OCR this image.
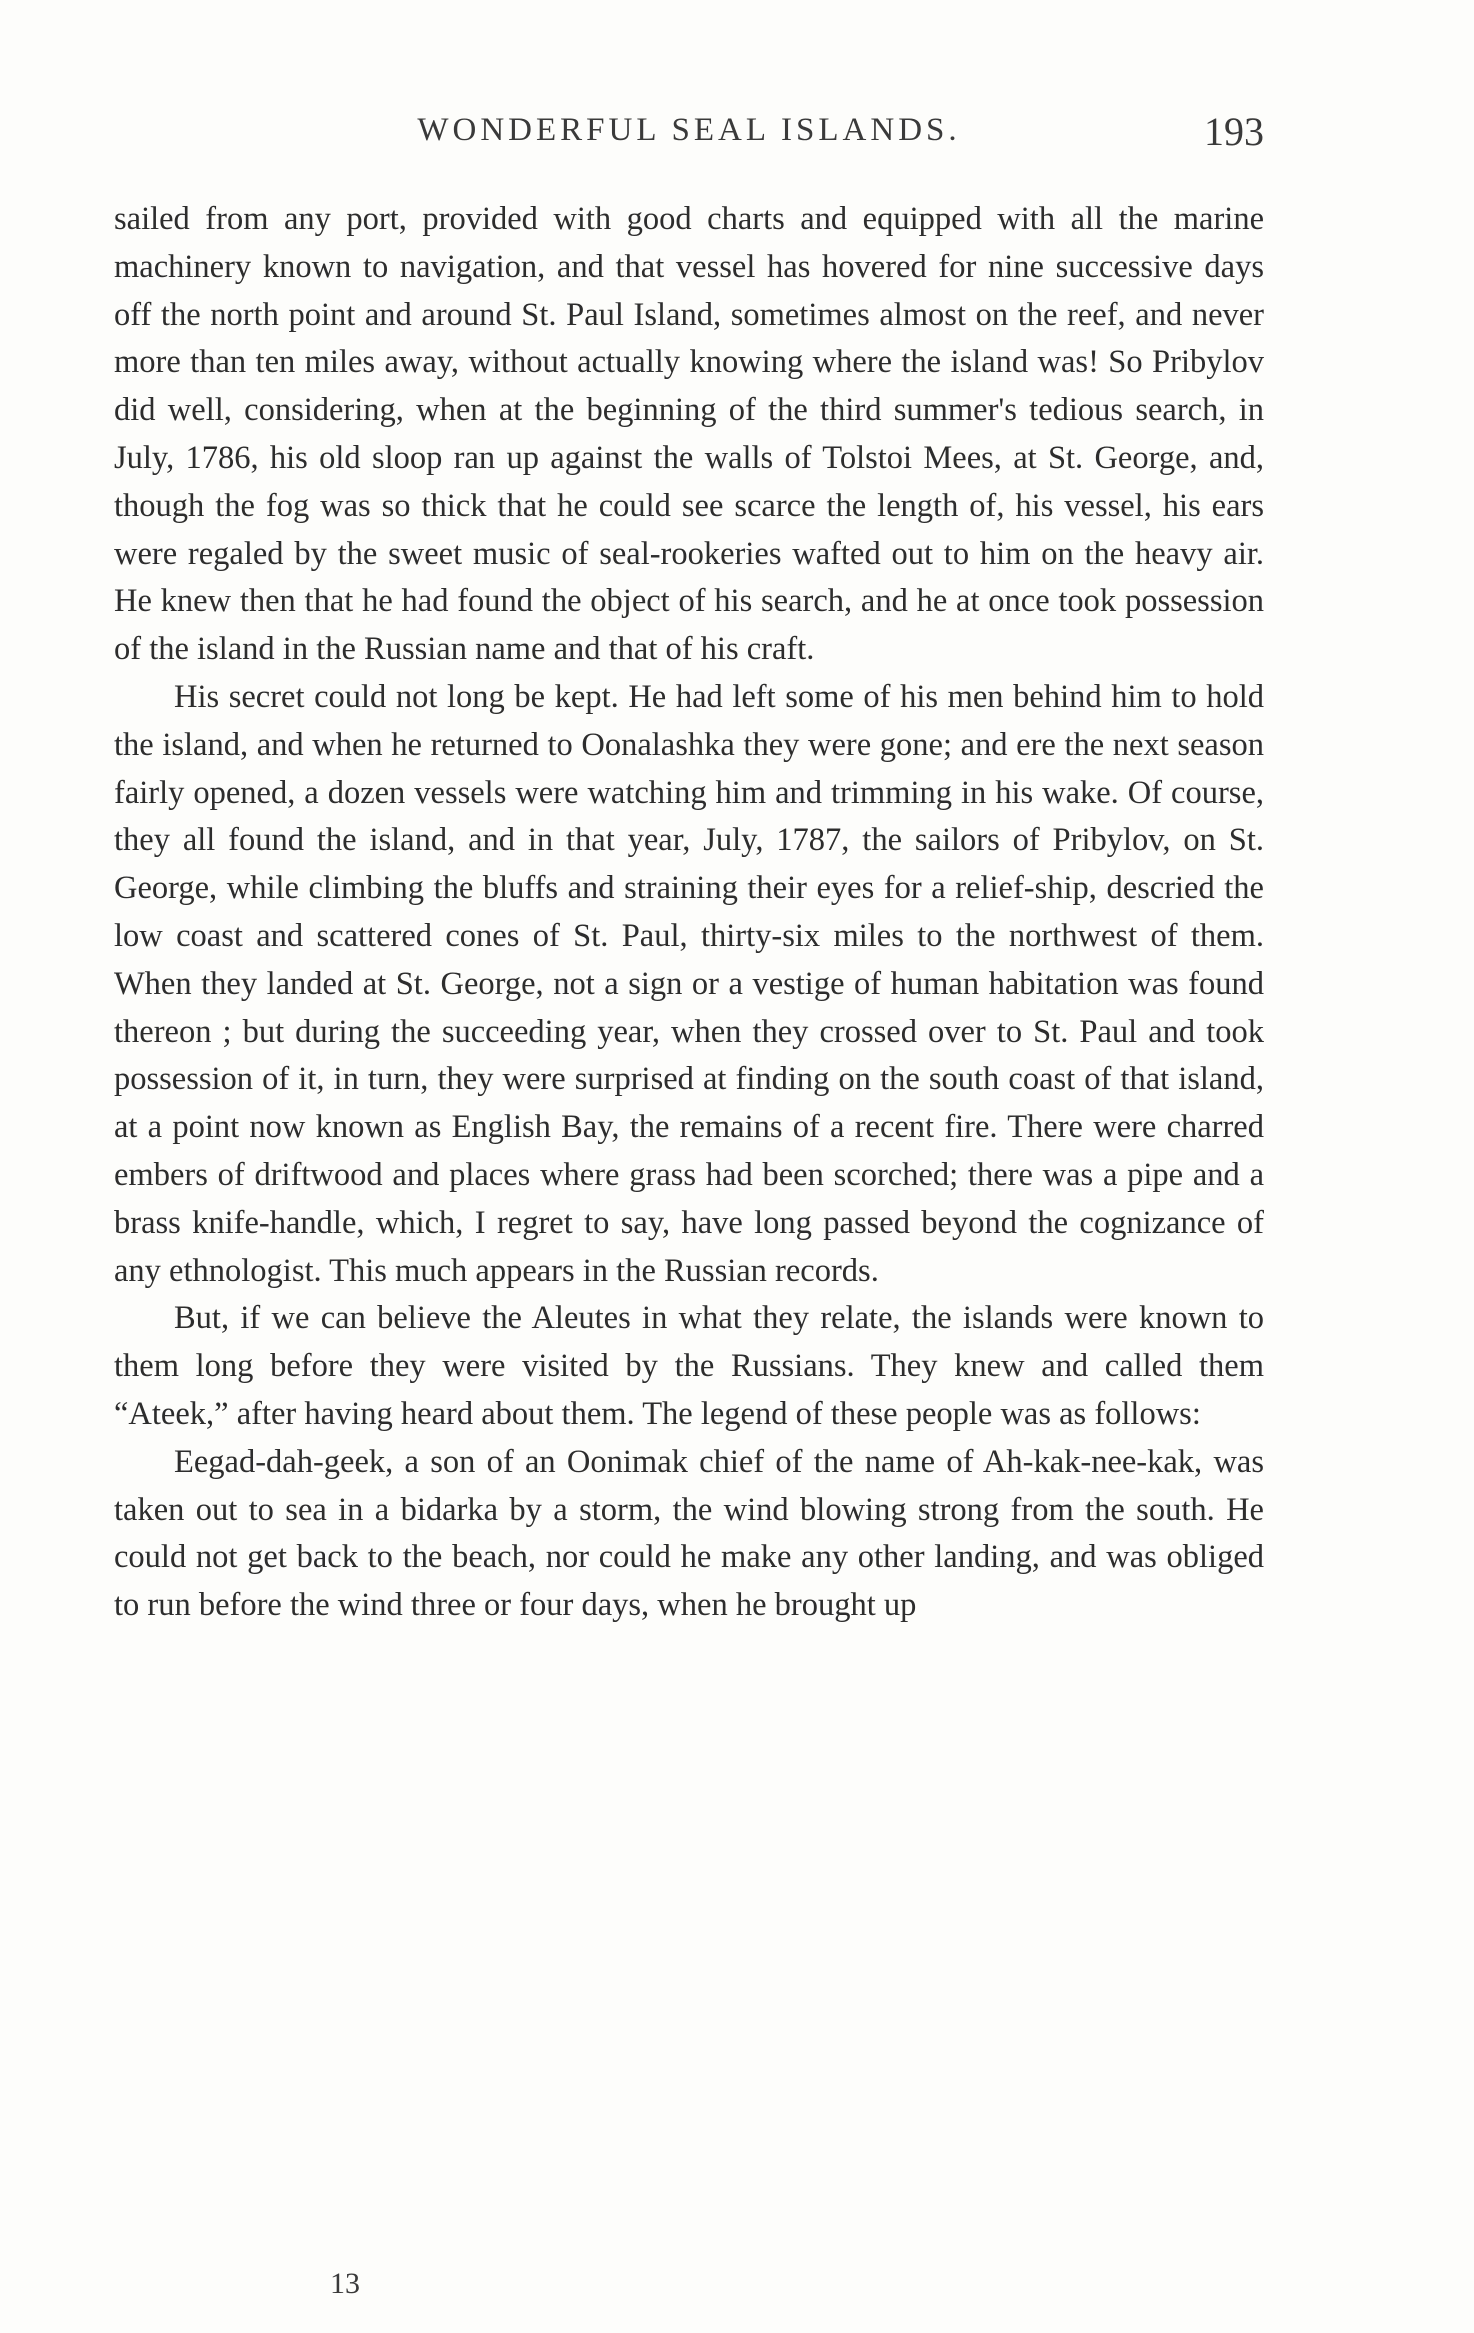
WONDERFUL SEAL ISLANDS.	193

sailed from any port, provided with good charts and equipped with all the marine machinery known to navigation, and that vessel has hovered for nine successive days off the north point and around St. Paul Island, sometimes almost on the reef, and never more than ten miles away, without actually knowing where the island was! So Pribylov did well, considering, when at the beginning of the third summer's tedious search, in July, 1786, his old sloop ran up against the walls of Tolstoi Mees, at St. George, and, though the fog was so thick that he could see scarce the length of, his vessel, his ears were regaled by the sweet music of seal-rookeries wafted out to him on the heavy air. He knew then that he had found the object of his search, and he at once took possession of the island in the Russian name and that of his craft.

His secret could not long be kept. He had left some of his men behind him to hold the island, and when he returned to Oonalashka they were gone; and ere the next season fairly opened, a dozen vessels were watching him and trimming in his wake. Of course, they all found the island, and in that year, July, 1787, the sailors of Pribylov, on St. George, while climbing the bluffs and straining their eyes for a relief-ship, descried the low coast and scattered cones of St. Paul, thirty-six miles to the northwest of them. When they landed at St. George, not a sign or a vestige of human habitation was found thereon ; but during the succeeding year, when they crossed over to St. Paul and took possession of it, in turn, they were surprised at finding on the south coast of that island, at a point now known as English Bay, the remains of a recent fire. There were charred embers of driftwood and places where grass had been scorched; there was a pipe and a brass knife-handle, which, I regret to say, have long passed beyond the cognizance of any ethnologist. This much appears in the Russian records.

But, if we can believe the Aleutes in what they relate, the islands were known to them long before they were visited by the Russians. They knew and called them “Ateek,” after having heard about them. The legend of these people was as follows:

Eegad-dah-geek, a son of an Oonimak chief of the name of Ah-kak-nee-kak, was taken out to sea in a bidarka by a storm, the wind blowing strong from the south. He could not get back to the beach, nor could he make any other landing, and was obliged to run before the wind three or four days, when he brought up

13
